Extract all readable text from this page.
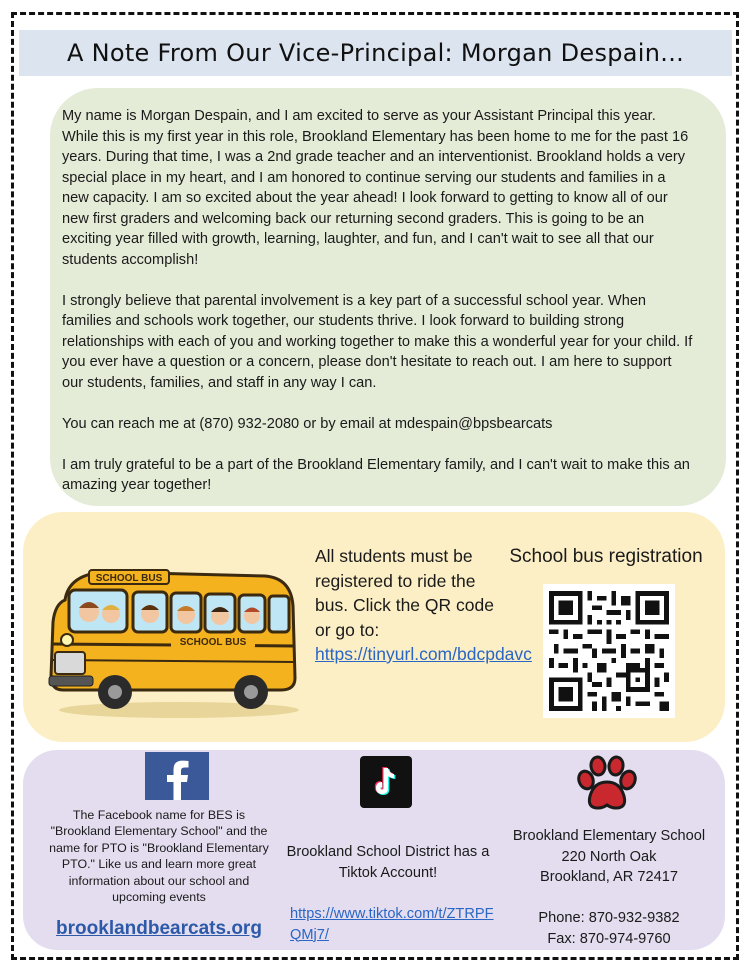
A Note From Our Vice-Principal: Morgan Despain...

My name is Morgan Despain, and I am excited to serve as your Assistant Principal this year. While this is my first year in this role, Brookland Elementary has been home to me for the past 16 years. During that time, I was a 2nd grade teacher and an interventionist. Brookland holds a very special place in my heart, and I am honored to continue serving our students and families in a new capacity. I am so excited about the year ahead! I look forward to getting to know all of our new first graders and welcoming back our returning second graders. This is going to be an exciting year filled with growth, learning, laughter, and fun, and I can't wait to see all that our students accomplish!

I strongly believe that parental involvement is a key part of a successful school year. When families and schools work together, our students thrive. I look forward to building strong relationships with each of you and working together to make this a wonderful year for your child. If you ever have a question or a concern, please don't hesitate to reach out. I am here to support our students, families, and staff in any way I can.

You can reach me at (870) 932-2080 or by email at mdespain@bpsbearcats

I am truly grateful to be a part of the Brookland Elementary family, and I can't wait to make this an amazing year together!

SCHOOL BUS
SCHOOL BUS
All students must be registered to ride the bus. Click the QR code or go to:
https://tinyurl.com/bdcpdavc
School bus registration
The Facebook name for BES is "Brookland Elementary School" and the name for PTO is "Brookland Elementary PTO." Like us and learn more great information about our school and upcoming events
brooklandbearcats.org
Brookland School District has a Tiktok Account!
https://www.tiktok.com/t/ZTRPFQMj7/
Brookland Elementary School
220 North Oak
Brookland, AR 72417
Phone: 870-932-9382
Fax: 870-974-9760
